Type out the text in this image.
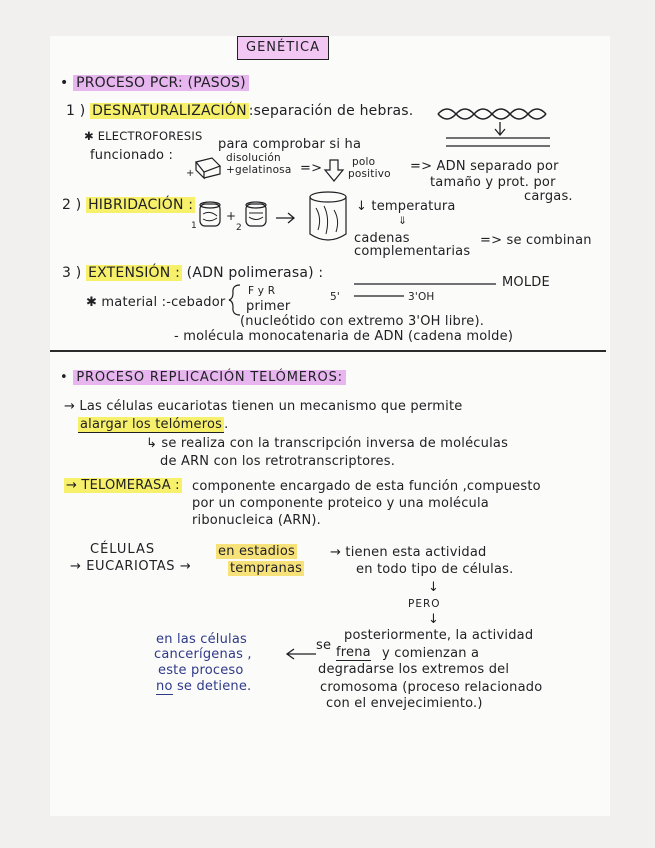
GENÉTICA
• PROCESO PCR: (PASOS)
1 ) DESNATURALIZACIÓN :separación de hebras.
✱ ELECTROFORESIS
para comprobar si ha
funcionado :
+
disolución
+gelatinosa =>	polo
positivo => ADN separado por
tamaño y prot. por
cargas.
2 ) HIBRIDACIÓN :
1
+
2
↓ temperatura
⇓
cadenas
complementarias
=> se combinan
3 ) EXTENSIÓN : (ADN polimerasa) :
MOLDE
5'	3'OH
✱ material :-cebador
F y R
primer
(nucleótido con extremo 3'OH libre).
- molécula monocatenaria de ADN (cadena molde)
• PROCESO REPLICACIÓN TELÓMEROS:
→ Las células eucariotas tienen un mecanismo que permite
alargar los telómeros .
↳ se realiza con la transcripción inversa de moléculas
de ARN con los retrotranscriptores.
→ TELOMERASA : componente encargado de esta función ,compuesto
por un componente proteico y una molécula
ribonucleica (ARN).
CÉLULAS
→ EUCARIOTAS →
en estadios
tempranas
→ tienen esta actividad
en todo tipo de células.
↓
PERO
↓
posteriormente, la actividad
se frena y comienzan a
degradarse los extremos del
cromosoma (proceso relacionado
con el envejecimiento.)
en las células
cancerígenas ,
este proceso
no se detiene.
